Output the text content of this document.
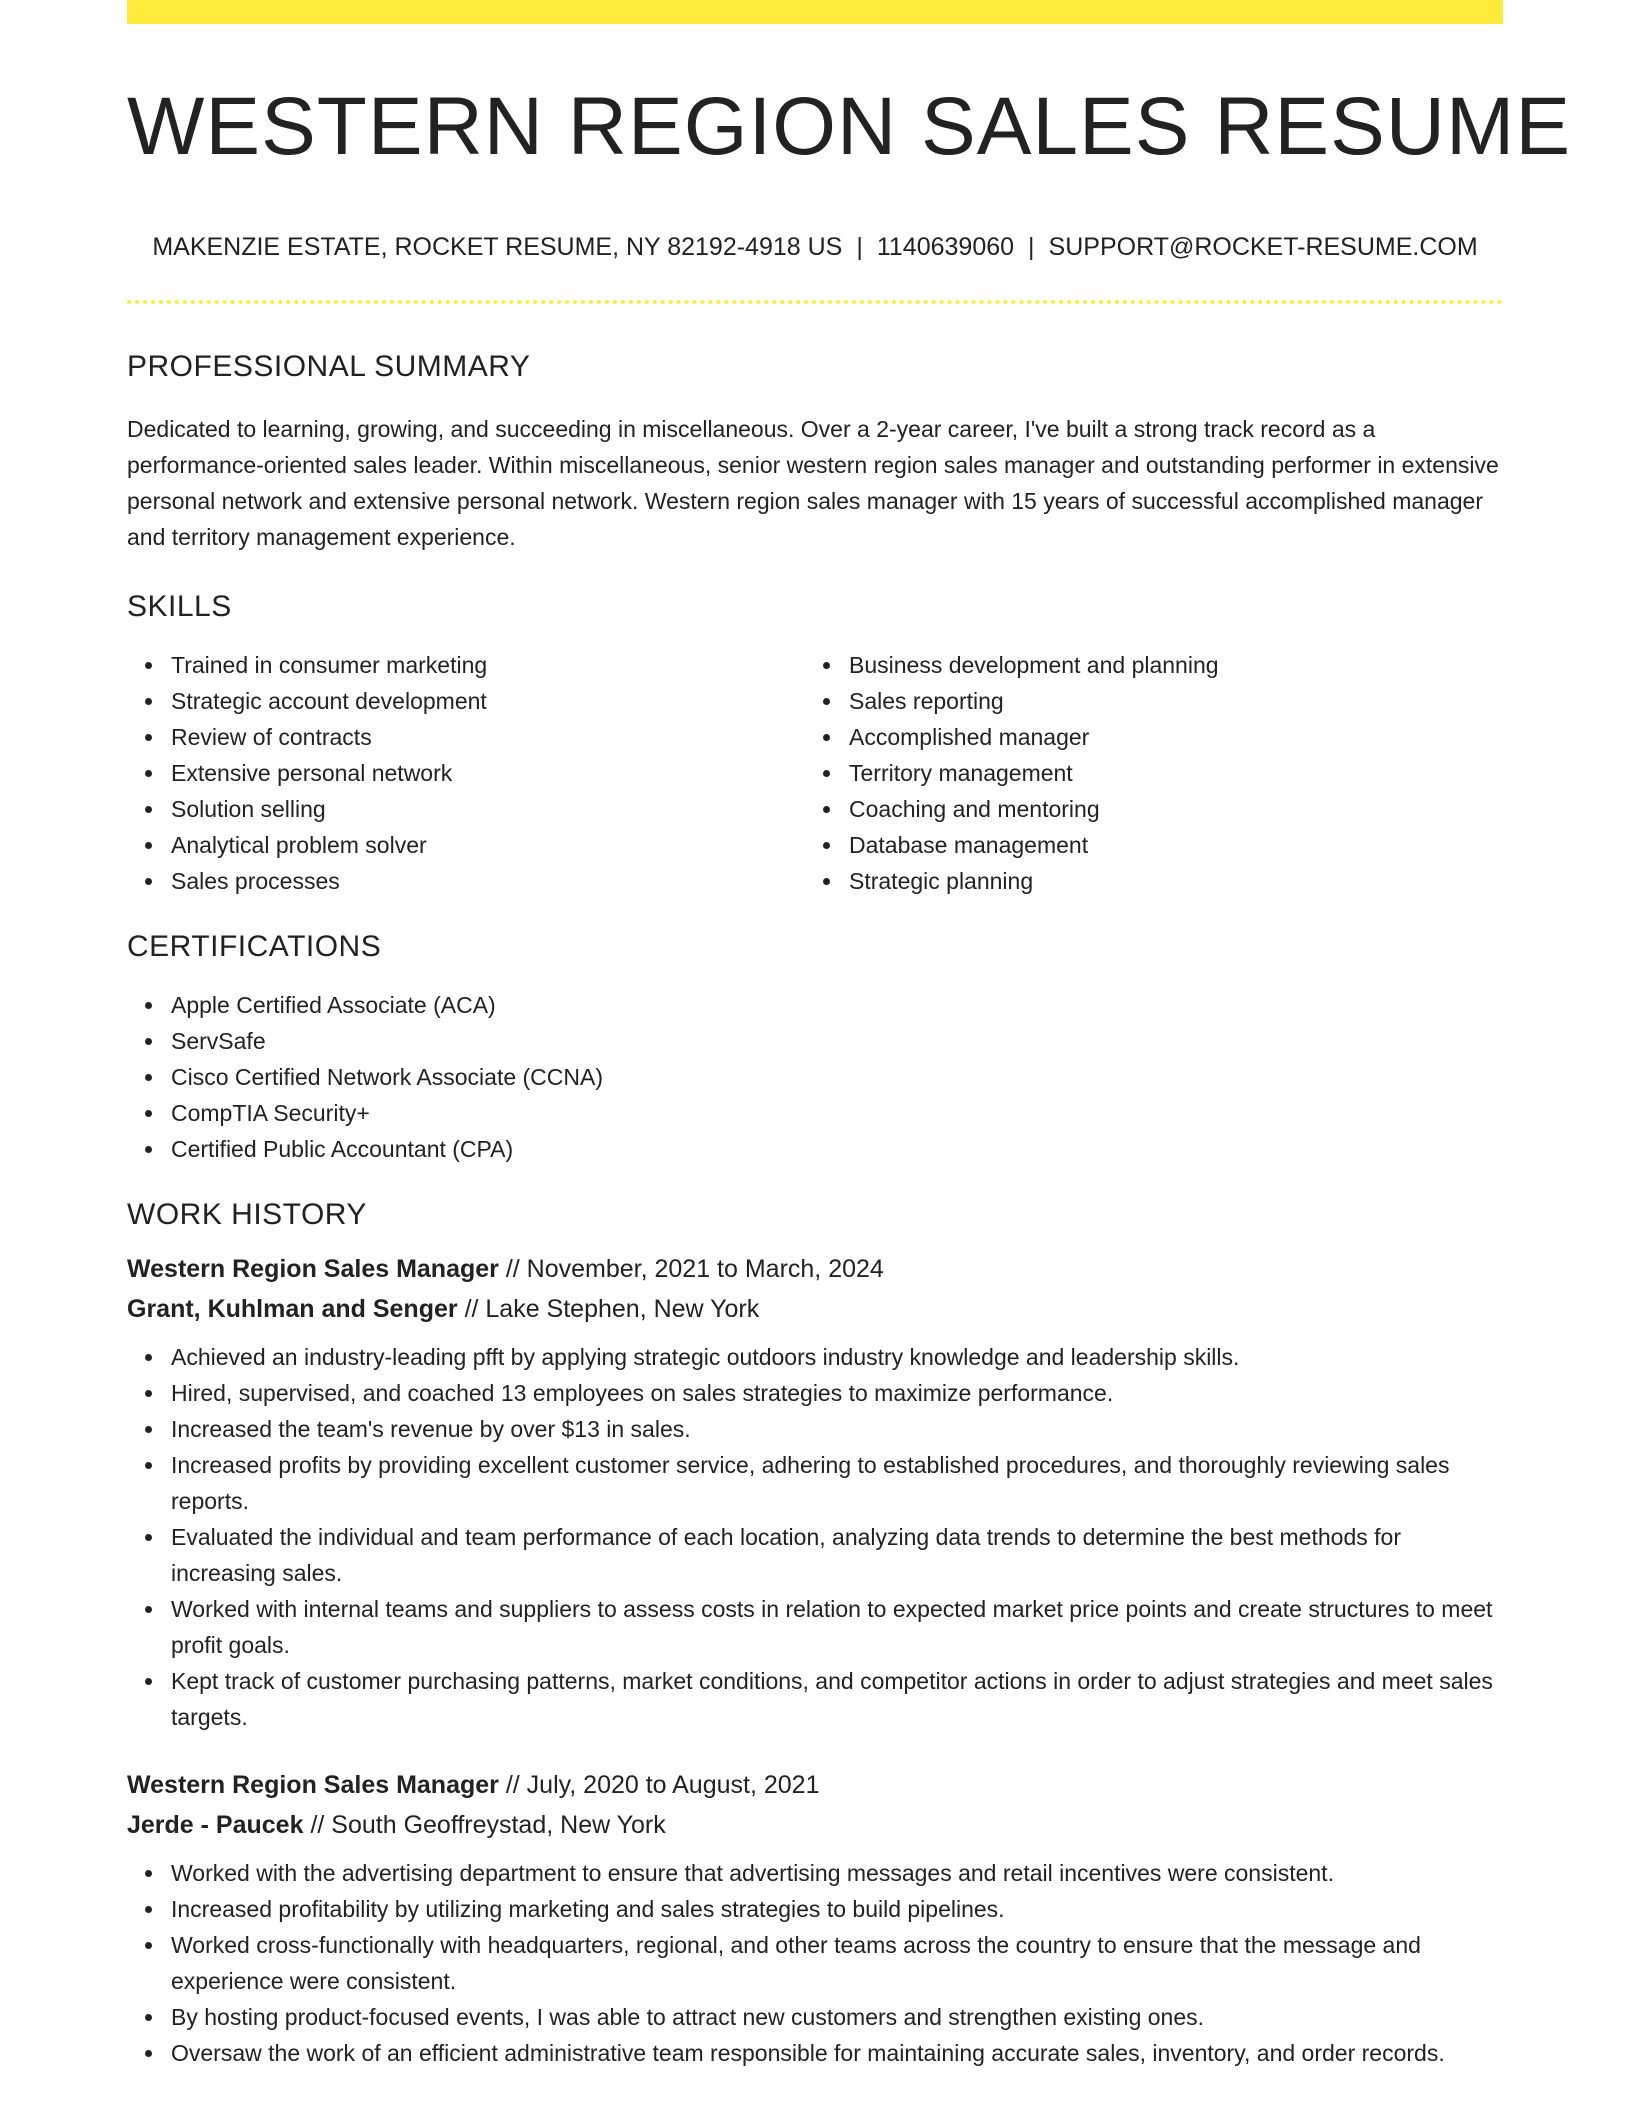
WESTERN REGION SALES RESUME
MAKENZIE ESTATE, ROCKET RESUME, NY 82192-4918 US | 1140639060 | SUPPORT@ROCKET-RESUME.COM
PROFESSIONAL SUMMARY

Dedicated to learning, growing, and succeeding in miscellaneous. Over a 2-year career, I've built a strong track record as a performance-oriented sales leader. Within miscellaneous, senior western region sales manager and outstanding performer in extensive personal network and extensive personal network. Western region sales manager with 15 years of successful accomplished manager and territory management experience.

SKILLS
Trained in consumer marketing
Strategic account development
Review of contracts
Extensive personal network
Solution selling
Analytical problem solver
Sales processes
Business development and planning
Sales reporting
Accomplished manager
Territory management
Coaching and mentoring
Database management
Strategic planning
CERTIFICATIONS
Apple Certified Associate (ACA)
ServSafe
Cisco Certified Network Associate (CCNA)
CompTIA Security+
Certified Public Accountant (CPA)
WORK HISTORY
Western Region Sales Manager // November, 2021 to March, 2024
Grant, Kuhlman and Senger // Lake Stephen, New York
Achieved an industry-leading pfft by applying strategic outdoors industry knowledge and leadership skills.
Hired, supervised, and coached 13 employees on sales strategies to maximize performance.
Increased the team's revenue by over $13 in sales.
Increased profits by providing excellent customer service, adhering to established procedures, and thoroughly reviewing sales reports.
Evaluated the individual and team performance of each location, analyzing data trends to determine the best methods for increasing sales.
Worked with internal teams and suppliers to assess costs in relation to expected market price points and create structures to meet profit goals.
Kept track of customer purchasing patterns, market conditions, and competitor actions in order to adjust strategies and meet sales targets.
Western Region Sales Manager // July, 2020 to August, 2021
Jerde - Paucek // South Geoffreystad, New York
Worked with the advertising department to ensure that advertising messages and retail incentives were consistent.
Increased profitability by utilizing marketing and sales strategies to build pipelines.
Worked cross-functionally with headquarters, regional, and other teams across the country to ensure that the message and experience were consistent.
By hosting product-focused events, I was able to attract new customers and strengthen existing ones.
Oversaw the work of an efficient administrative team responsible for maintaining accurate sales, inventory, and order records.
